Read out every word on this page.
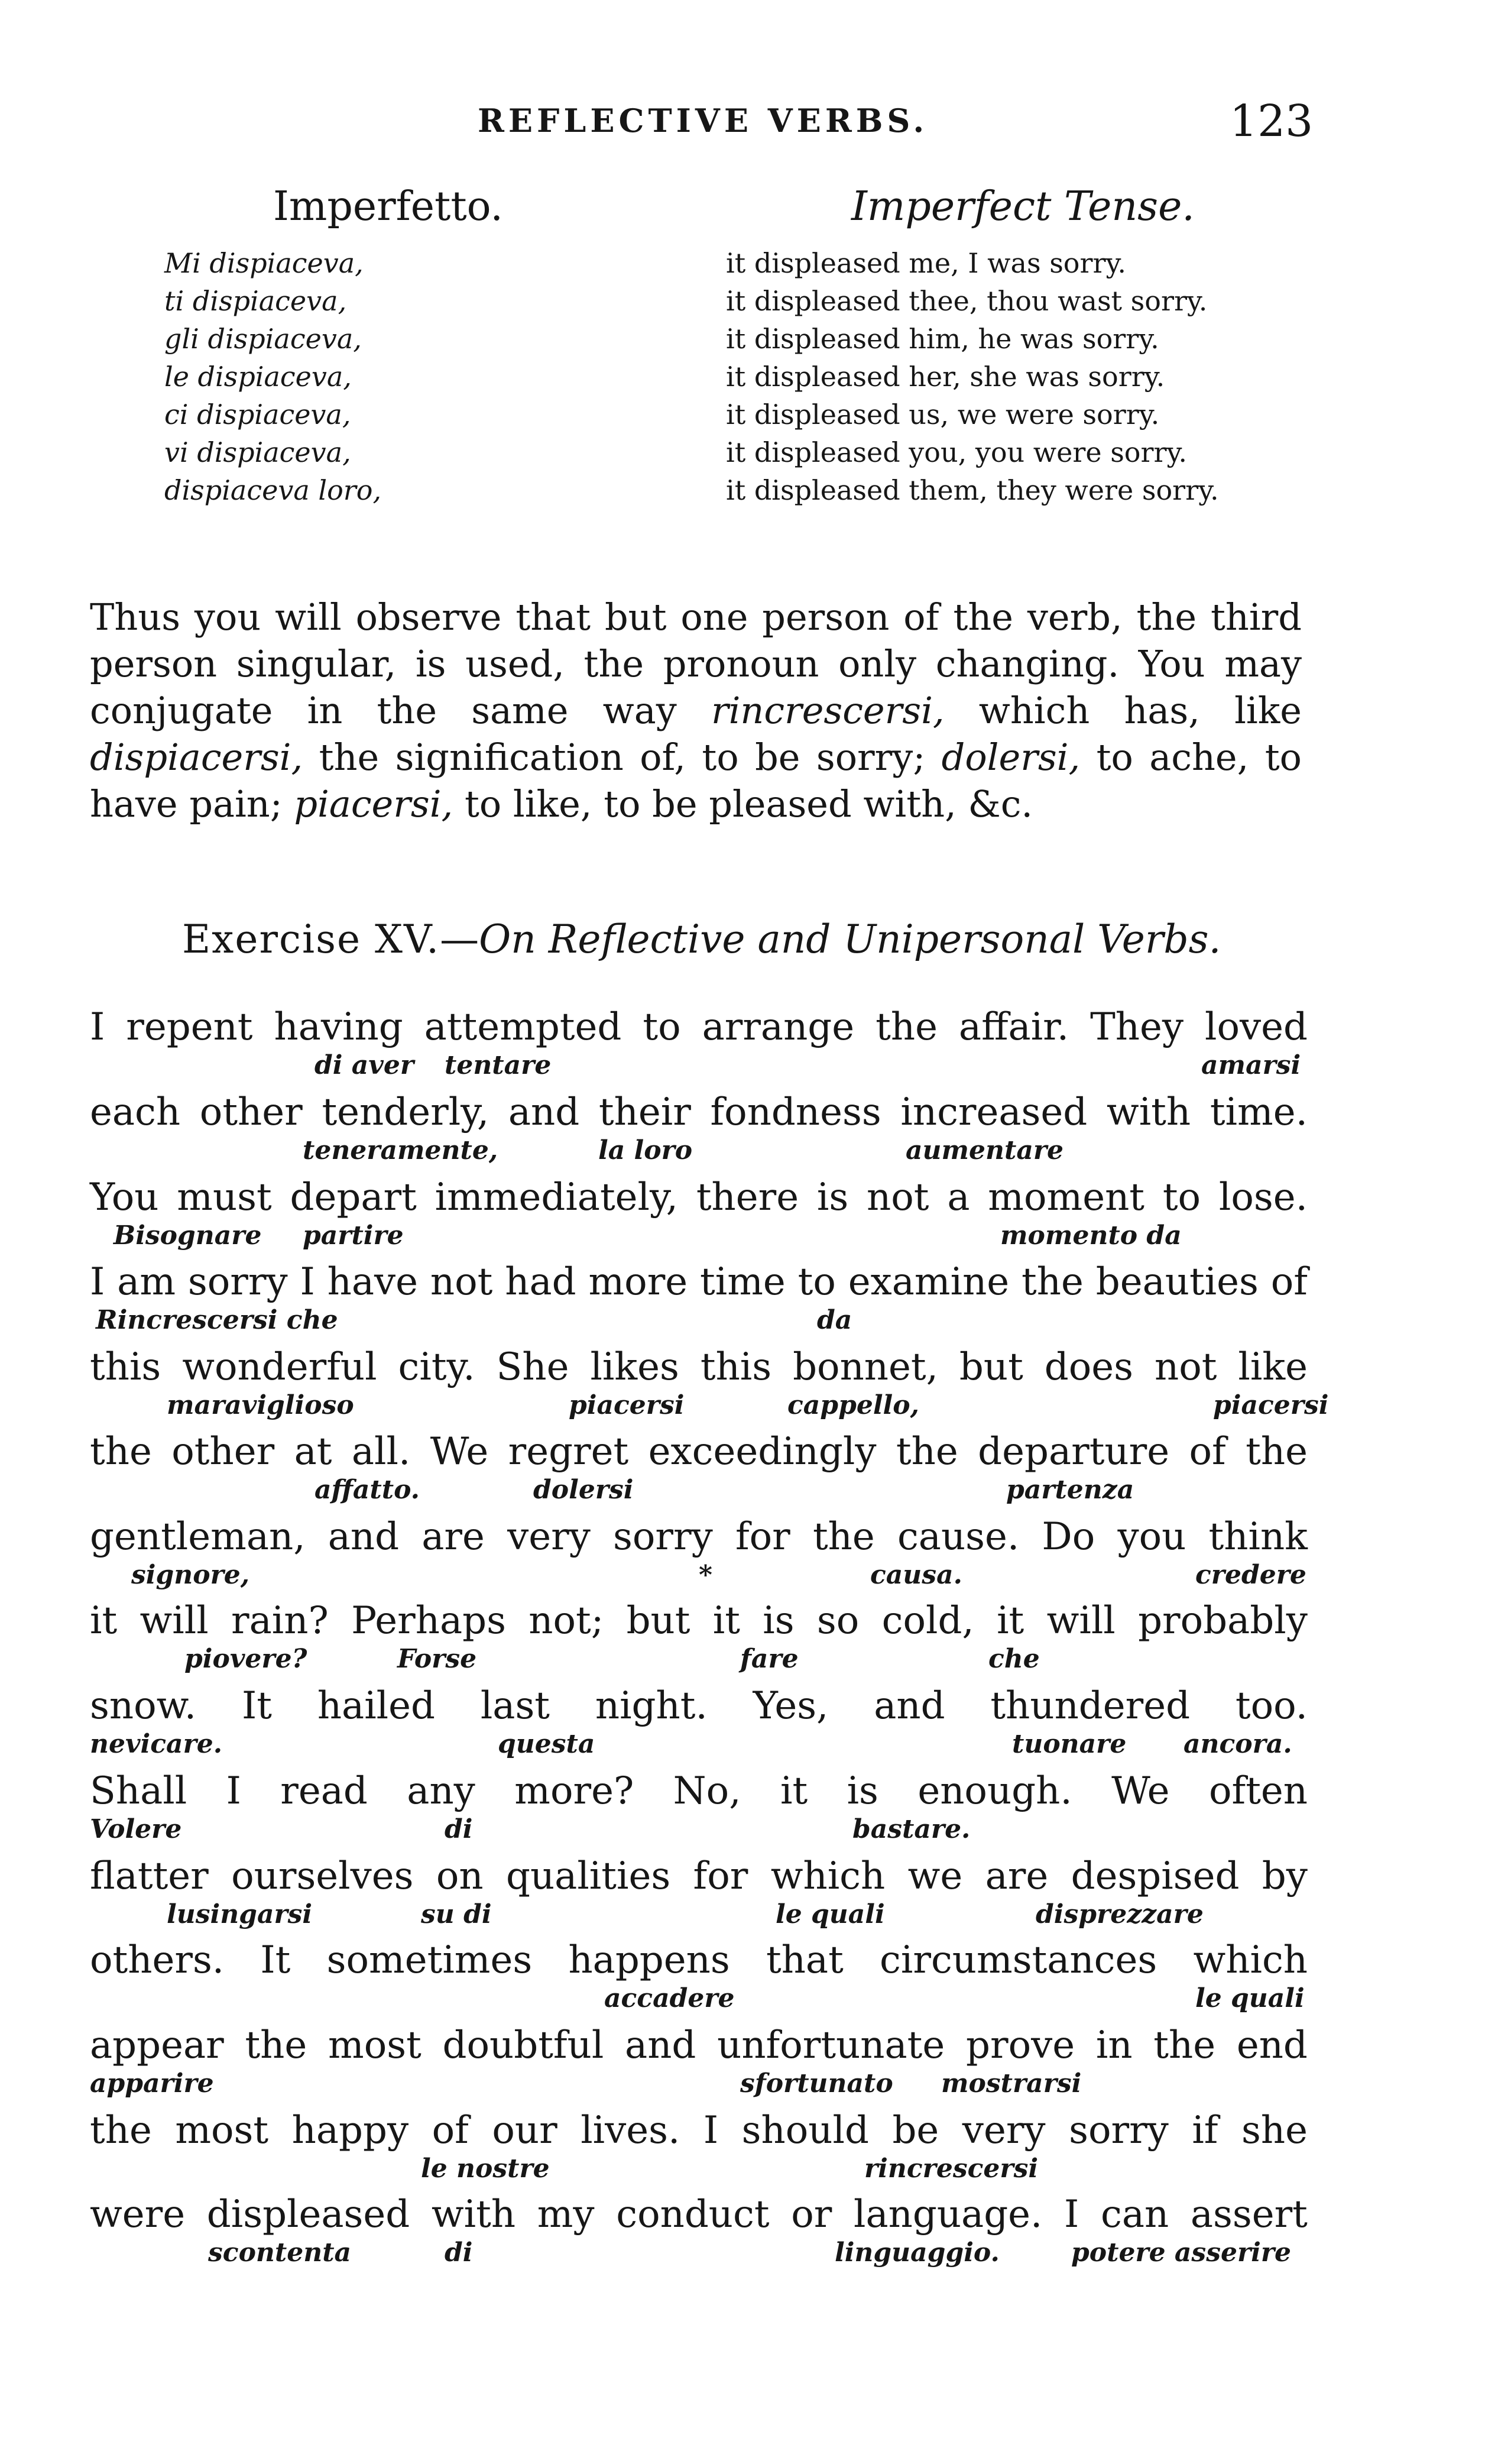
REFLECTIVE VERBS.	123
Imperfetto.	Imperfect Tense.
Mi dispiaceva,	it displeased me, I was sorry.
ti dispiaceva,	it displeased thee, thou wast sorry.
gli dispiaceva,	it displeased him, he was sorry.
le dispiaceva,	it displeased her, she was sorry.
ci dispiaceva,	it displeased us, we were sorry.
vi dispiaceva,	it displeased you, you were sorry.
dispiaceva loro,	it displeased them, they were sorry.

Thus you will observe that but one person of the verb, the third person singular, is used, the pronoun only changing. You may conjugate in the same way rincrescersi, which has, like dispiacersi, the signification of, to be sorry; dolersi, to ache, to have pain; piacersi, to like, to be pleased with, &c.

Exercise XV.—On Reflective and Unipersonal Verbs.
I repent having attempted to arrange the affair. They loved
di aver tentare	amarsi
each other tenderly, and their fondness increased with time.
teneramente,	la loro	aumentare
You must depart immediately, there is not a moment to lose.
Bisognare partire	momento da
I am sorry I have not had more time to examine the beauties of
Rincrescersi che	da
this wonderful city. She likes this bonnet, but does not like
maraviglioso	piacersi	cappello,	piacersi
the other at all. We regret exceedingly the departure of the
affatto.	dolersi	partenza
gentleman, and are very sorry for the cause. Do you think
signore,	*	causa.	credere
it will rain? Perhaps not; but it is so cold, it will probably
piovere?	Forse	fare	che
snow. It hailed last night. Yes, and thundered too.
nevicare.	questa	tuonare ancora.
Shall I read any more? No, it is enough. We often
Volere	di	bastare.
flatter ourselves on qualities for which we are despised by
lusingarsi	su di	le quali	disprezzare
others. It sometimes happens that circumstances which
accadere	le quali
appear the most doubtful and unfortunate prove in the end
apparire	sfortunato mostrarsi
the most happy of our lives. I should be very sorry if she
le nostre	rincrescersi
were displeased with my conduct or language. I can assert
scontenta	di	linguaggio.	potere asserire
